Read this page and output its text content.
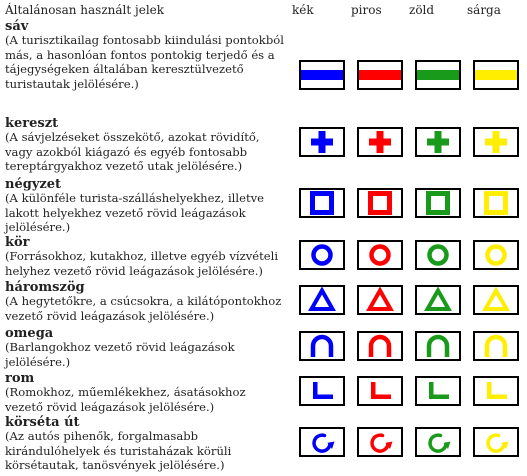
Általánosan használt jelek	kék	piros zöld	sárga
sáv
(A turisztikailag fontosabb kiindulási pontokból más, a hasonlóan fontos pontokig terjedő és a tájegységeken általában keresztülvezető turistautak jelölésére.)
kereszt
(A sávjelzéseket összekötő, azokat rövidítő, vagy azokból kiágazó és egyéb fontosabb tereptárgyakhoz vezető utak jelölésére.)
négyzet
(A különféle turista-szálláshelyekhez, illetve lakott helyekhez vezető rövid leágazások jelölésére.)
kör
(Forrásokhoz, kutakhoz, illetve egyéb vízvételi helyhez vezető rövid leágazások jelölésére.)
háromszög
(A hegytetőkre, a csúcsokra, a kilátópontokhoz vezető rövid leágazások jelölésére.)
omega
(Barlangokhoz vezető rövid leágazások jelölésére.)
rom
(Romokhoz, műemlékekhez, ásatásokhoz vezető rövid leágazások jelölésére.)
körséta út
(Az autós pihenők, forgalmasabb kirándulóhelyek és turistaházak körüli körsétautak, tanösvények jelölésére.)
